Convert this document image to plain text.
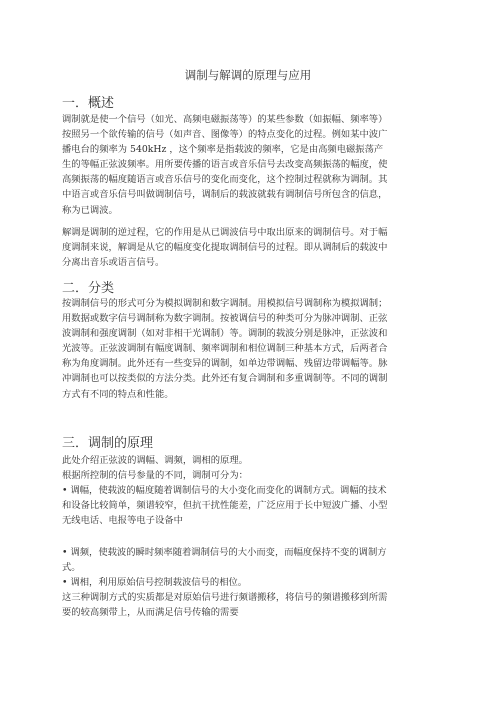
调制与解调的原理与应用
一．概述
调制就是使一个信号（如光、高频电磁振荡等）的某些参数（如振幅、频率等）
按照另一个欲传输的信号（如声音、图像等）的特点变化的过程。例如某中波广
播电台的频率为 540kHz ，这个频率是指载波的频率，它是由高频电磁振荡产
生的等幅正弦波频率。用所要传播的语言或音乐信号去改变高频振荡的幅度，使
高频振荡的幅度随语言或音乐信号的变化而变化，这个控制过程就称为调制。其
中语言或音乐信号叫做调制信号，调制后的载波就载有调制信号所包含的信息，
称为已调波。
解调是调制的逆过程，它的作用是从已调波信号中取出原来的调制信号。对于幅
度调制来说，解调是从它的幅度变化提取调制信号的过程。即从调制后的载波中
分离出音乐或语言信号。
二．分类
按调制信号的形式可分为模拟调制和数字调制。用模拟信号调制称为模拟调制；
用数据或数字信号调制称为数字调制。按被调信号的种类可分为脉冲调制、正弦
波调制和强度调制（如对非相干光调制）等。调制的载波分别是脉冲，正弦波和
光波等。正弦波调制有幅度调制、频率调制和相位调制三种基本方式，后两者合
称为角度调制。此外还有一些变异的调制，如单边带调幅、残留边带调幅等。脉
冲调制也可以按类似的方法分类。此外还有复合调制和多重调制等。不同的调制
方式有不同的特点和性能。
三．调制的原理
此处介绍正弦波的调幅、调频，调相的原理。
根据所控制的信号参量的不同，调制可分为：
• 调幅，使载波的幅度随着调制信号的大小变化而变化的调制方式。调幅的技术
和设备比较简单，频谱较窄，但抗干扰性能差，广泛应用于长中短波广播、小型
无线电话、电报等电子设备中
• 调频，使载波的瞬时频率随着调制信号的大小而变，而幅度保持不变的调制方
式。
• 调相，利用原始信号控制载波信号的相位。
这三种调制方式的实质都是对原始信号进行频谱搬移，将信号的频谱搬移到所需
要的较高频带上，从而满足信号传输的需要
